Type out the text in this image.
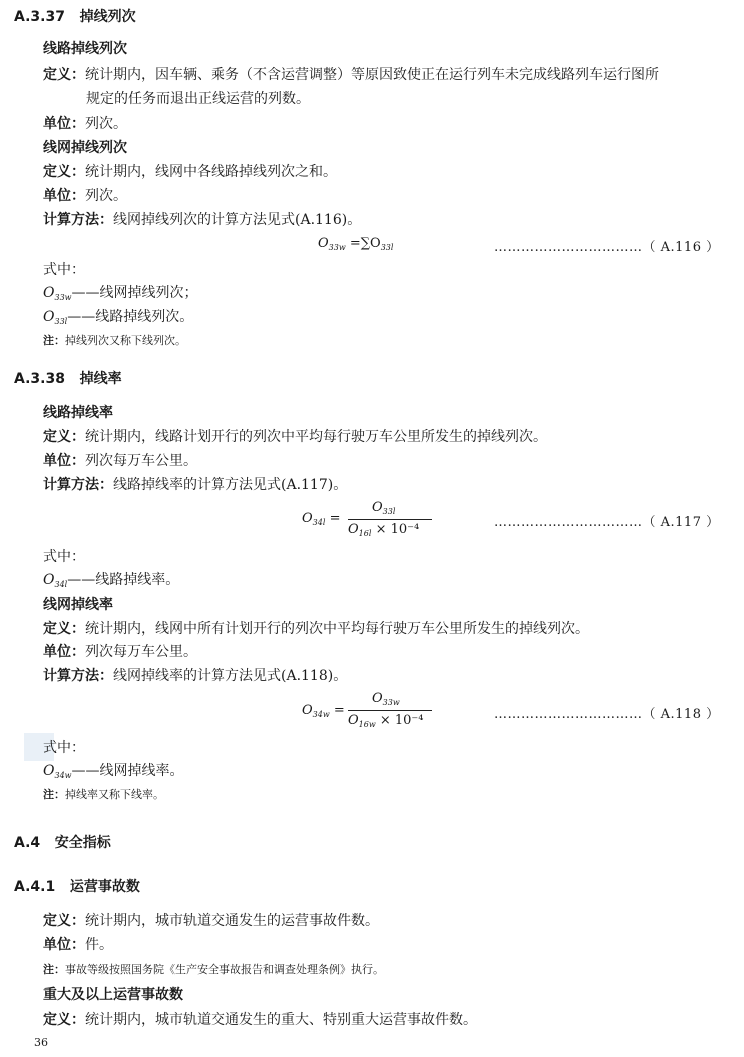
A.3.37 掉线列次
线路掉线列次
定义：统计期内，因车辆、乘务（不含运营调整）等原因致使正在运行列车未完成线路列车运行图所
规定的任务而退出正线运营的列数。
单位：列次。
线网掉线列次
定义：统计期内，线网中各线路掉线列次之和。
单位：列次。
计算方法：线网掉线列次的计算方法见式(A.116)。
$O_{33w} =\sum O_{33l}$	……………………………（ A.116 ）
式中：
$O_{33w}——$线网掉线列次；
$O_{33l}——$线路掉线列次。
注：掉线列次又称下线列次。
A.3.38 掉线率
线路掉线率
定义：统计期内，线路计划开行的列次中平均每行驶万车公里所发生的掉线列次。
单位：列次每万车公里。
计算方法：线路掉线率的计算方法见式(A.117)。
$O_{34l}$ =
$O_{33l}$
$O_{16l} \times 10^{-4}$	……………………………（ A.117 ）
式中：
$O_{34l}——$线路掉线率。
线网掉线率
定义：统计期内，线网中所有计划开行的列次中平均每行驶万车公里所发生的掉线列次。
单位：列次每万车公里。
计算方法：线网掉线率的计算方法见式(A.118)。
$O_{34w}$ =
$O_{33w}$
$O_{16w} \times 10^{-4}$	……………………………（ A.118 ）
式中：
$O_{34w}——$线网掉线率。
注：掉线率又称下线率。
A.4 安全指标
A.4.1 运营事故数
定义：统计期内，城市轨道交通发生的运营事故件数。
单位：件。
注：事故等级按照国务院《生产安全事故报告和调查处理条例》执行。
重大及以上运营事故数
定义：统计期内，城市轨道交通发生的重大、特别重大运营事故件数。
36
